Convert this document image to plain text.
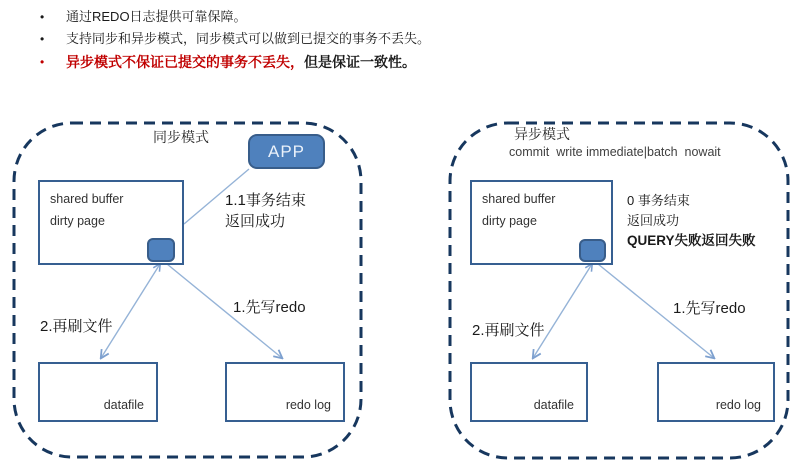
•	通过REDO日志提供可靠保障。
•	支持同步和异步模式，同步模式可以做到已提交的事务不丢失。
•	异步模式不保证已提交的事务不丢失，但是保证一致性。
同步模式
APP
shared buffer
dirty page
1.1事务结束
返回成功
2.再刷文件
1.先写redo
datafile	redo log
异步模式
commit  write immediate|batch  nowait
shared buffer
dirty page
0 事务结束
返回成功
QUERY失败返回失败
2.再刷文件
1.先写redo
datafile	redo log
